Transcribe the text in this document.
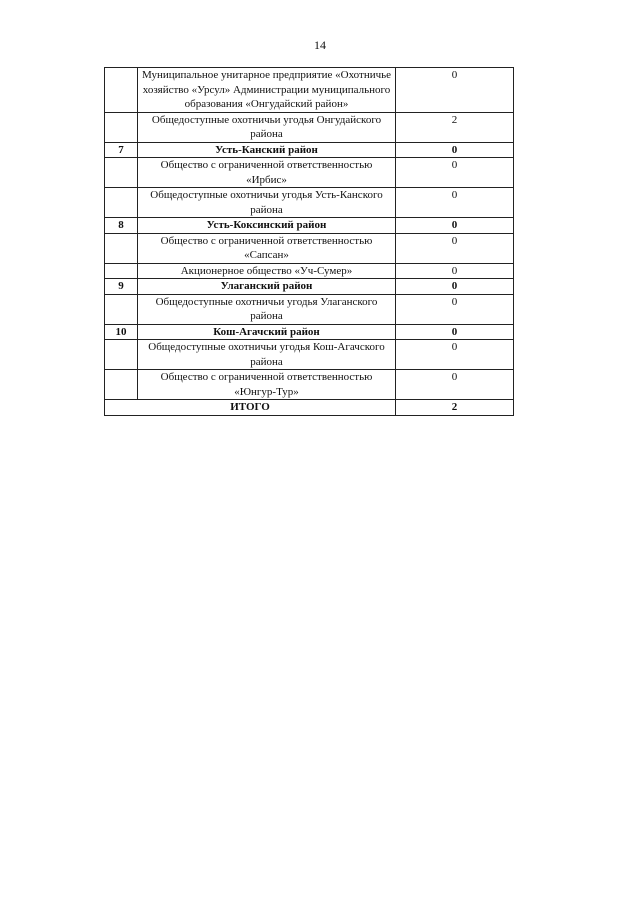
14
	Муниципальное унитарное предприятие «Охотничье хозяйство «Урсул» Администрации муниципального образования «Онгудайский район»	0
	Общедоступные охотничьи угодья Онгудайского района	2
7	Усть-Канский район	0
	Общество с ограниченной ответственностью «Ирбис»	0
	Общедоступные охотничьи угодья Усть-Канского района	0
8	Усть-Коксинский район	0
	Общество с ограниченной ответственностью «Сапсан»	0
	Акционерное общество «Уч-Сумер»	0
9	Улаганский район	0
	Общедоступные охотничьи угодья Улаганского района	0
10	Кош-Агачский район	0
	Общедоступные охотничьи угодья Кош-Агачского района	0
	Общество с ограниченной ответственностью «Юнгур-Тур»	0
ИТОГО		2
